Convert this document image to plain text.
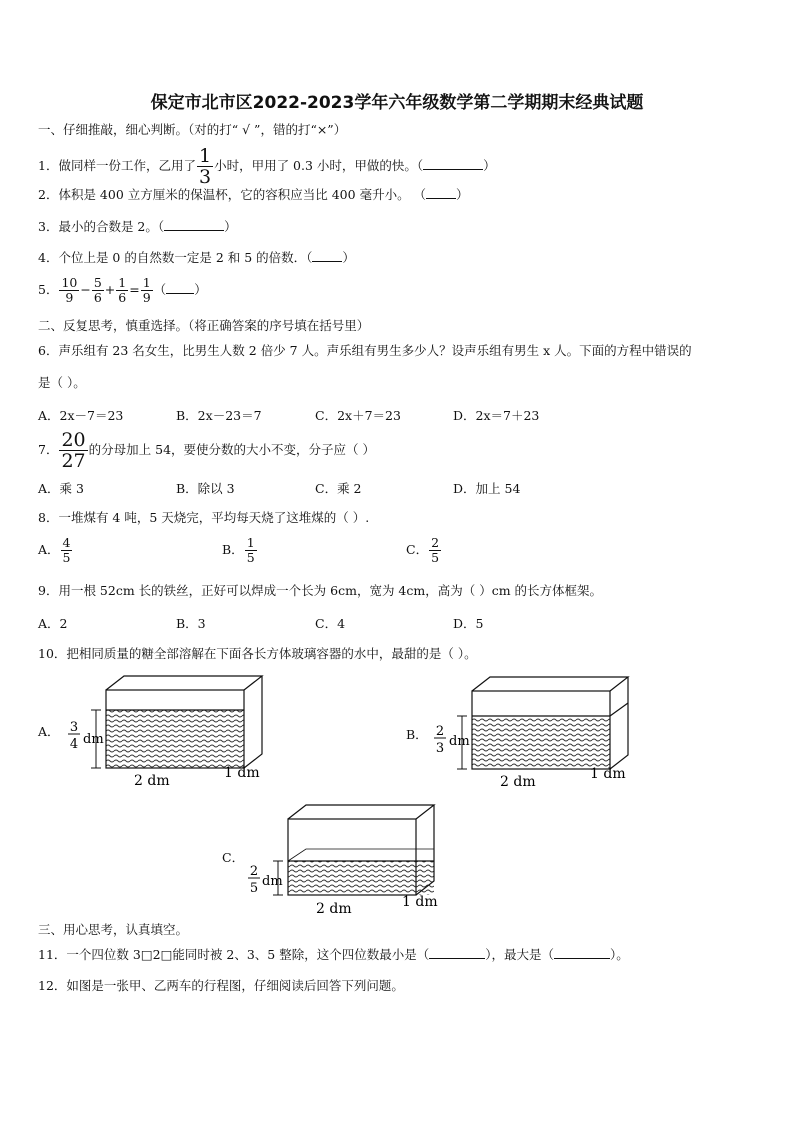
保定市北市区2022-2023学年六年级数学第二学期期末经典试题
一、仔细推敲，细心判断。（对的打“ √ ”，错的打“×”）
1．做同样一份工作，乙用了 $\frac{1}{3}$ 小时，甲用了 0.3 小时，甲做的快。（	）
2．体积是 400 立方厘米的保温杯，它的容积应当比 400 毫升小。 （ ）
3．最小的合数是 2。（	）
4．个位上是 0 的自然数一定是 2 和 5 的倍数．（ ）
5． $\frac{10}{9} - \frac{5}{6} + \frac{1}{6} = \frac{1}{9}$ （ ）
二、反复思考，慎重选择。（将正确答案的序号填在括号里）
6．声乐组有 23 名女生，比男生人数 2 倍少 7 人。声乐组有男生多少人？设声乐组有男生 x 人。下面的方程中错误的
是（ ）。
A．2x－7＝23	B．2x－23＝7	C．2x＋7＝23	D．2x＝7＋23
7． $\frac{20}{27}$ 的分母加上 54，要使分数的大小不变，分子应（ ）
A．乘 3	B．除以 3	C．乘 2	D．加上 54
8．一堆煤有 4 吨，5 天烧完，平均每天烧了这堆煤的（ ）.
A． $\frac{4}{5}$	B． $\frac{1}{5}$	C． $\frac{2}{5}$
9．用一根 52cm 长的铁丝，正好可以焊成一个长为 6cm，宽为 4cm，高为（ ）cm 的长方体框架。
A．2	B．3	C．4	D．5
10．把相同质量的糖全部溶解在下面各长方体玻璃容器的水中，最甜的是（ ）。
A． 3
4 dm
2 dm	1 dm
B． 2
3 dm
2 dm	1 dm
C．
2
5 dm
2 dm	1 dm
三、用心思考，认真填空。
11．一个四位数 3□2□能同时被 2、3、5 整除，这个四位数最小是（	），最大是（	）。
12．如图是一张甲、乙两车的行程图，仔细阅读后回答下列问题。
